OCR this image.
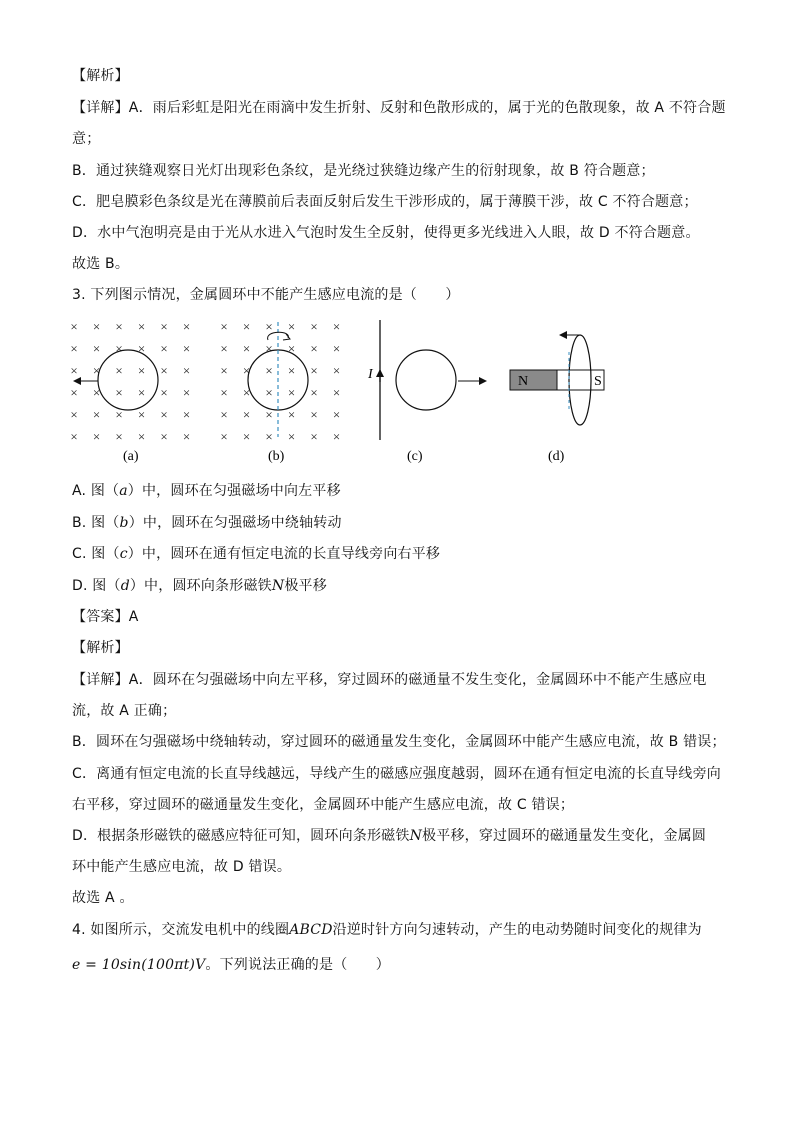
【解析】
【详解】A．雨后彩虹是阳光在雨滴中发生折射、反射和色散形成的，属于光的色散现象，故 A 不符合题
意；
B．通过狭缝观察日光灯出现彩色条纹，是光绕过狭缝边缘产生的衍射现象，故 B 符合题意；
C．肥皂膜彩色条纹是光在薄膜前后表面反射后发生干涉形成的，属于薄膜干涉，故 C 不符合题意；
D．水中气泡明亮是由于光从水进入气泡时发生全反射，使得更多光线进入人眼，故 D 不符合题意。
故选 B。
3. 下列图示情况，金属圆环中不能产生感应电流的是（　　）
× × × × × ×
× × × × × ×
× × × × × ×
× × × × × ×
× × × × × ×
× × × × × ×
(a)
× × × × × ×
× × × × × ×
× × × × × ×
× × × × × ×
× × × × × ×
× × × × × ×
(b)
I
(c)
N	S
(d)
A. 图（a）中，圆环在匀强磁场中向左平移
B. 图（b）中，圆环在匀强磁场中绕轴转动
C. 图（c）中，圆环在通有恒定电流的长直导线旁向右平移
D. 图（d）中，圆环向条形磁铁N极平移
【答案】A
【解析】
【详解】A．圆环在匀强磁场中向左平移，穿过圆环的磁通量不发生变化，金属圆环中不能产生感应电
流，故 A 正确；
B．圆环在匀强磁场中绕轴转动，穿过圆环的磁通量发生变化，金属圆环中能产生感应电流，故 B 错误；
C．离通有恒定电流的长直导线越远，导线产生的磁感应强度越弱，圆环在通有恒定电流的长直导线旁向
右平移，穿过圆环的磁通量发生变化，金属圆环中能产生感应电流，故 C 错误；
D．根据条形磁铁的磁感应特征可知，圆环向条形磁铁N极平移，穿过圆环的磁通量发生变化，金属圆
环中能产生感应电流，故 D 错误。
故选 A 。
4. 如图所示，交流发电机中的线圈ABCD沿逆时针方向匀速转动，产生的电动势随时间变化的规律为
e = 10sin(100πt)V。下列说法正确的是（　　）
